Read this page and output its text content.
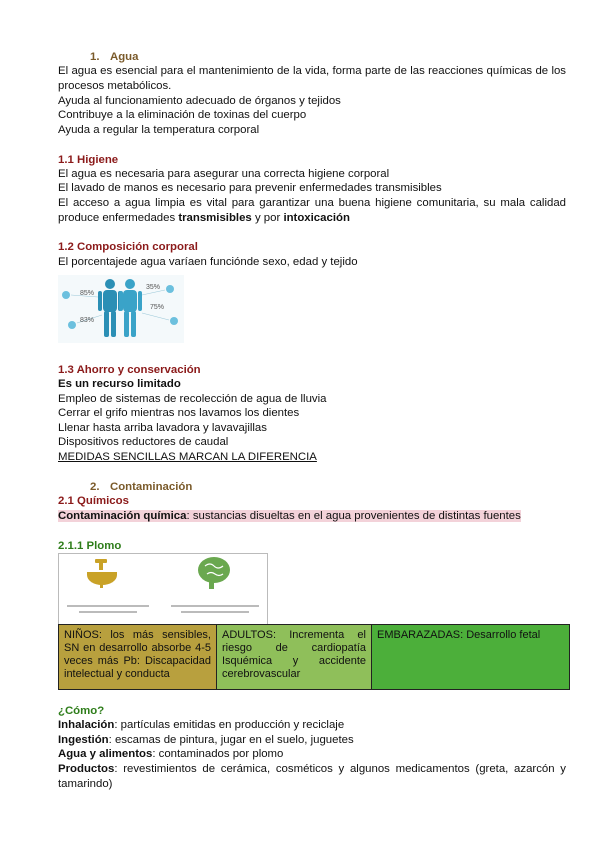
1. Agua
El agua es esencial para el mantenimiento de la vida, forma parte de las reacciones químicas de los procesos metabólicos.
Ayuda al funcionamiento adecuado de órganos y tejidos
Contribuye a la eliminación de toxinas del cuerpo
Ayuda a regular la temperatura corporal
1.1 Higiene
El agua es necesaria para asegurar una correcta higiene corporal
El lavado de manos es necesario para prevenir enfermedades transmisibles
El acceso a agua limpia es vital para garantizar una buena higiene comunitaria, su mala calidad produce enfermedades transmisibles y por intoxicación
1.2 Composición corporal
El porcentajede agua varíaen funciónde sexo, edad y tejido
85%
83%
35%
75%
1.3 Ahorro y conservación
Es un recurso limitado
Empleo de sistemas de recolección de agua de lluvia
Cerrar el grifo mientras nos lavamos los dientes
Llenar hasta arriba lavadora y lavavajillas
Dispositivos reductores de caudal
MEDIDAS SENCILLAS MARCAN LA DIFERENCIA
2. Contaminación
2.1 Químicos
Contaminación química: sustancias disueltas en el agua provenientes de distintas fuentes
2.1.1 Plomo
NIÑOS: los más sensibles, SN en desarrollo absorbe 4-5 veces más Pb: Discapacidad intelectual y conducta
ADULTOS: Incrementa el riesgo de cardiopatía Isquémica y accidente cerebrovascular
EMBARAZADAS: Desarrollo fetal
¿Cómo?
Inhalación: partículas emitidas en producción y reciclaje
Ingestión: escamas de pintura, jugar en el suelo, juguetes
Agua y alimentos: contaminados por plomo
Productos: revestimientos de cerámica, cosméticos y algunos medicamentos (greta, azarcón y tamarindo)
